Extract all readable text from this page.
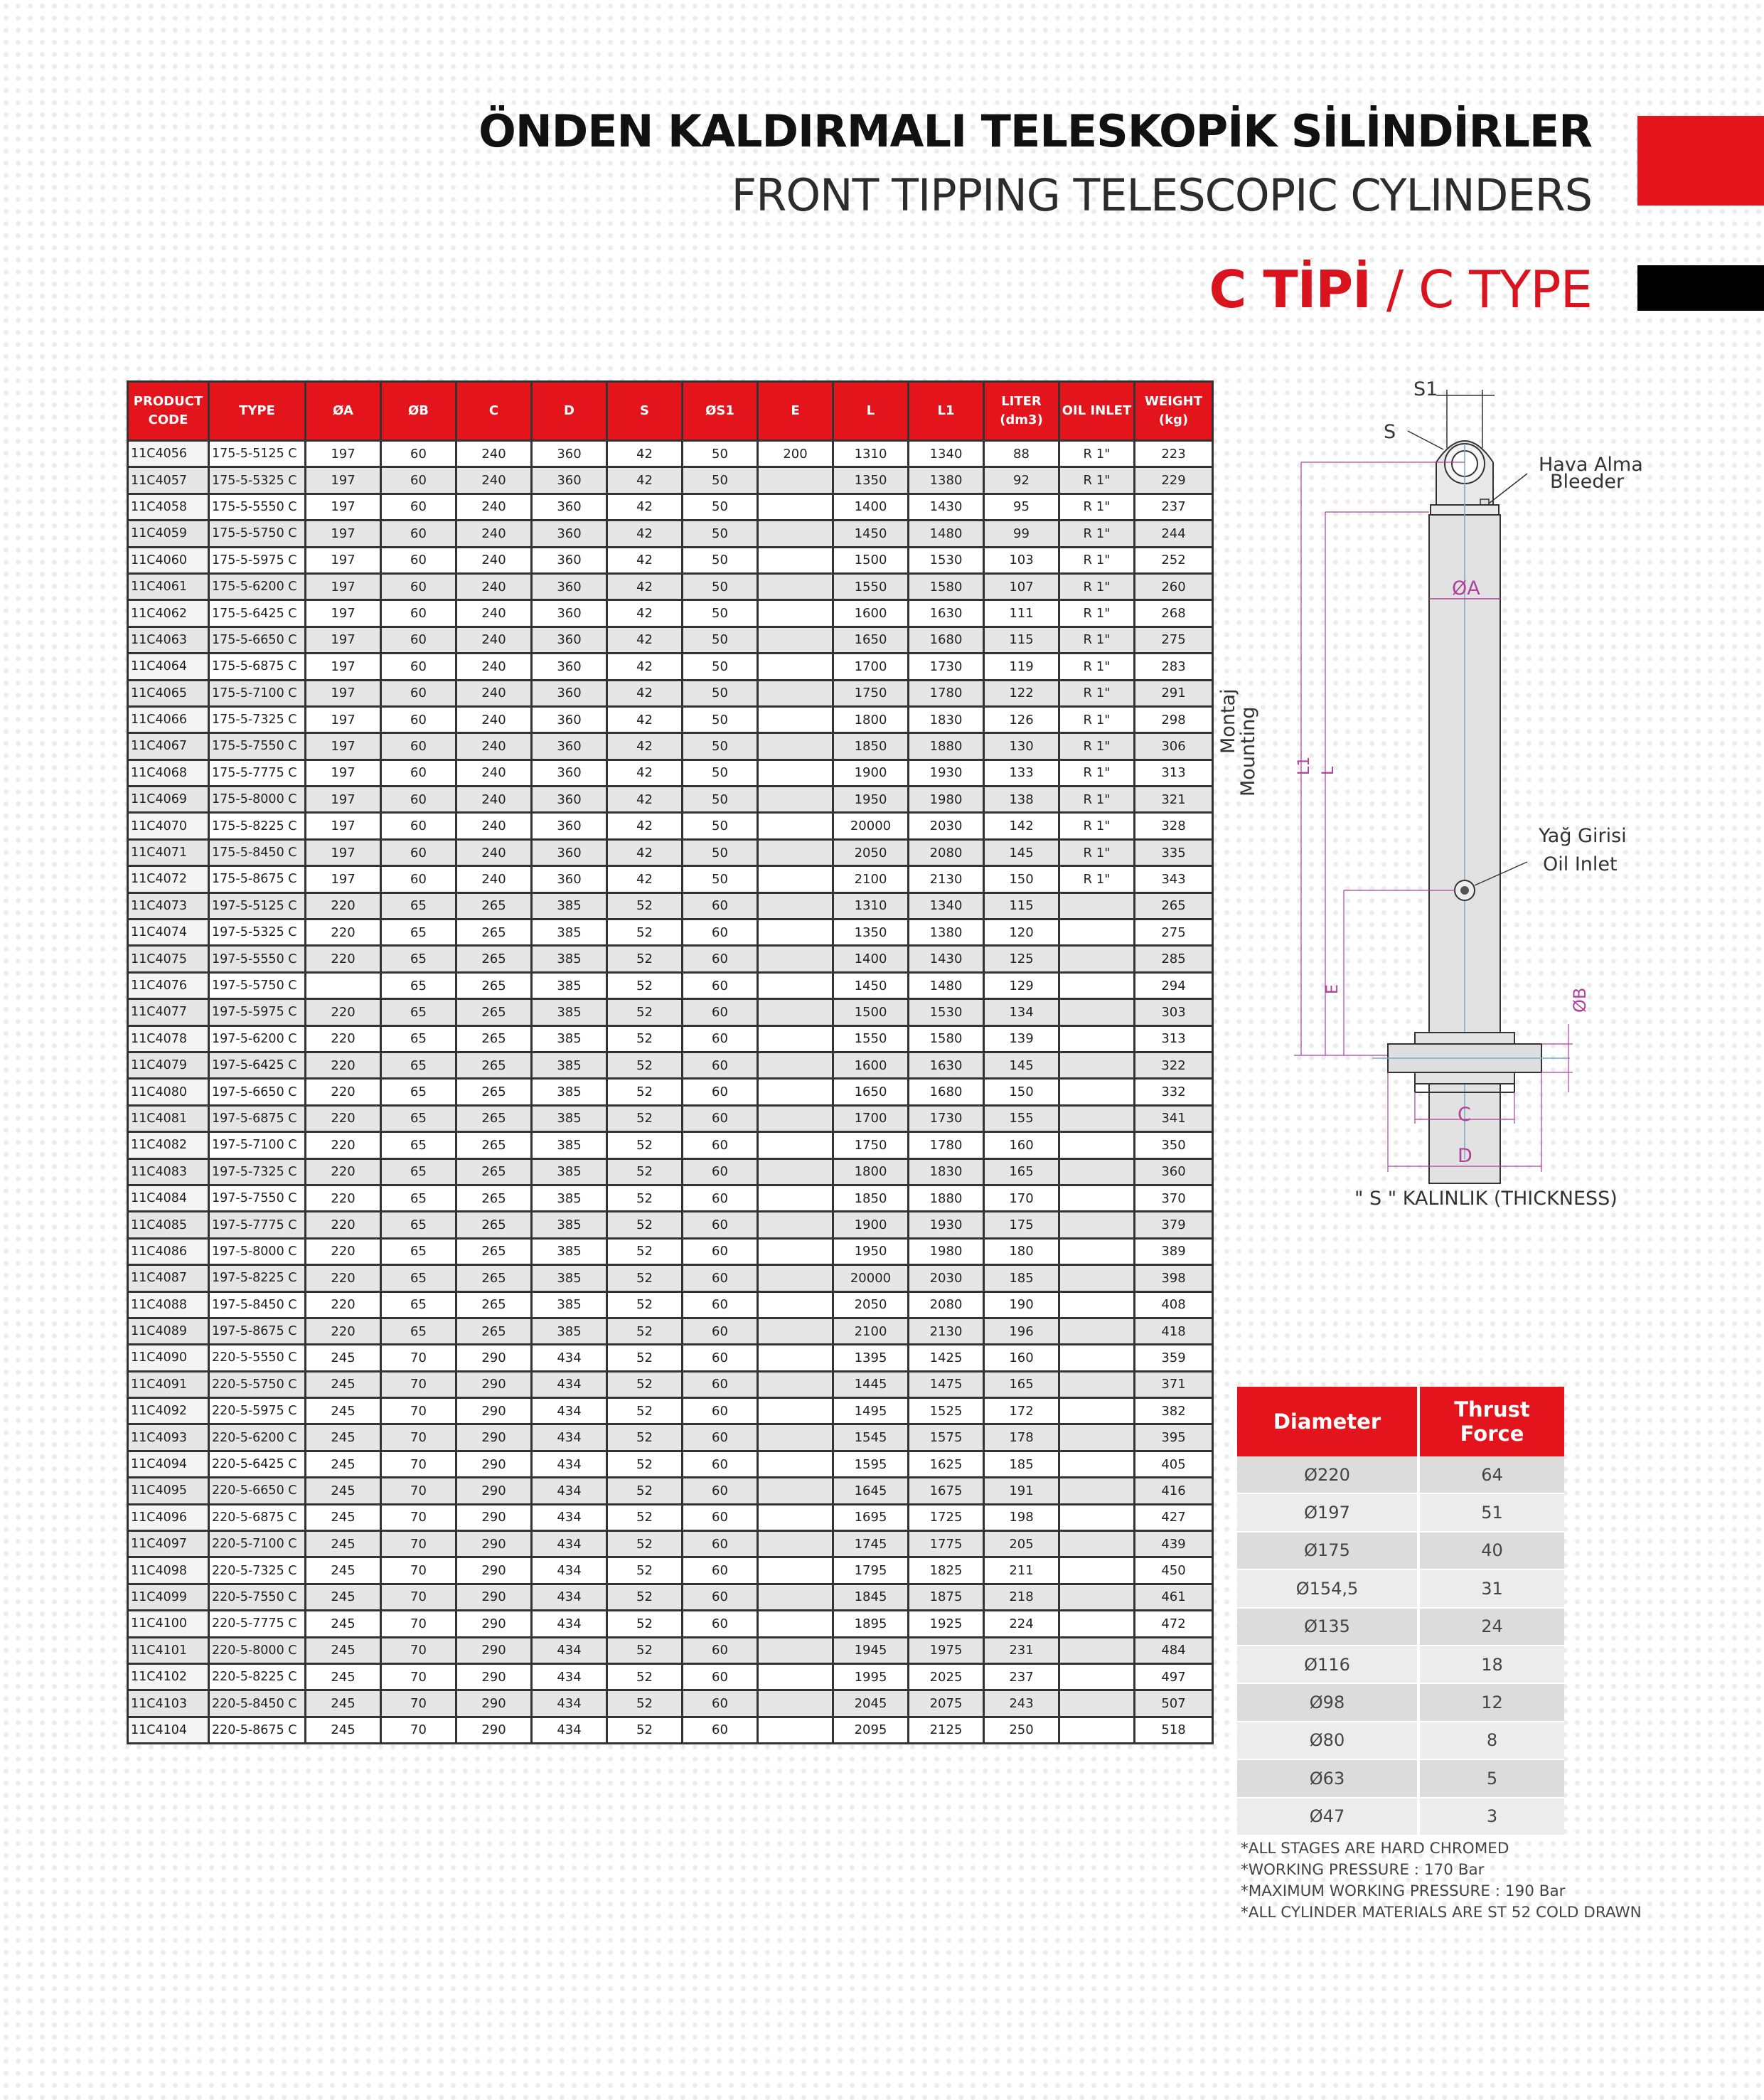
ÖNDEN KALDIRMALI TELESKOPİK SİLİNDİRLER
FRONT TIPPING TELESCOPIC CYLINDERS
C TİPİ / C TYPE
PRODUCT
CODE	TYPE	ØA	ØB	C	D	S	ØS1	E	L	L1	LITER
(dm3)	OIL INLET	WEIGHT
(kg)
11C4056	175-5-5125 C	197	60	240	360	42	50	200	1310	1340	88	R 1"	223
11C4057	175-5-5325 C	197	60	240	360	42	50		1350	1380	92	R 1"	229
11C4058	175-5-5550 C	197	60	240	360	42	50		1400	1430	95	R 1"	237
11C4059	175-5-5750 C	197	60	240	360	42	50		1450	1480	99	R 1"	244
11C4060	175-5-5975 C	197	60	240	360	42	50		1500	1530	103	R 1"	252
11C4061	175-5-6200 C	197	60	240	360	42	50		1550	1580	107	R 1"	260
11C4062	175-5-6425 C	197	60	240	360	42	50		1600	1630	111	R 1"	268
11C4063	175-5-6650 C	197	60	240	360	42	50		1650	1680	115	R 1"	275
11C4064	175-5-6875 C	197	60	240	360	42	50		1700	1730	119	R 1"	283
11C4065	175-5-7100 C	197	60	240	360	42	50		1750	1780	122	R 1"	291
11C4066	175-5-7325 C	197	60	240	360	42	50		1800	1830	126	R 1"	298
11C4067	175-5-7550 C	197	60	240	360	42	50		1850	1880	130	R 1"	306
11C4068	175-5-7775 C	197	60	240	360	42	50		1900	1930	133	R 1"	313
11C4069	175-5-8000 C	197	60	240	360	42	50		1950	1980	138	R 1"	321
11C4070	175-5-8225 C	197	60	240	360	42	50		20000	2030	142	R 1"	328
11C4071	175-5-8450 C	197	60	240	360	42	50		2050	2080	145	R 1"	335
11C4072	175-5-8675 C	197	60	240	360	42	50		2100	2130	150	R 1"	343
11C4073	197-5-5125 C	220	65	265	385	52	60		1310	1340	115		265
11C4074	197-5-5325 C	220	65	265	385	52	60		1350	1380	120		275
11C4075	197-5-5550 C	220	65	265	385	52	60		1400	1430	125		285
11C4076	197-5-5750 C		65	265	385	52	60		1450	1480	129		294
11C4077	197-5-5975 C	220	65	265	385	52	60		1500	1530	134		303
11C4078	197-5-6200 C	220	65	265	385	52	60		1550	1580	139		313
11C4079	197-5-6425 C	220	65	265	385	52	60		1600	1630	145		322
11C4080	197-5-6650 C	220	65	265	385	52	60		1650	1680	150		332
11C4081	197-5-6875 C	220	65	265	385	52	60		1700	1730	155		341
11C4082	197-5-7100 C	220	65	265	385	52	60		1750	1780	160		350
11C4083	197-5-7325 C	220	65	265	385	52	60		1800	1830	165		360
11C4084	197-5-7550 C	220	65	265	385	52	60		1850	1880	170		370
11C4085	197-5-7775 C	220	65	265	385	52	60		1900	1930	175		379
11C4086	197-5-8000 C	220	65	265	385	52	60		1950	1980	180		389
11C4087	197-5-8225 C	220	65	265	385	52	60		20000	2030	185		398
11C4088	197-5-8450 C	220	65	265	385	52	60		2050	2080	190		408
11C4089	197-5-8675 C	220	65	265	385	52	60		2100	2130	196		418
11C4090	220-5-5550 C	245	70	290	434	52	60		1395	1425	160		359
11C4091	220-5-5750 C	245	70	290	434	52	60		1445	1475	165		371
11C4092	220-5-5975 C	245	70	290	434	52	60		1495	1525	172		382
11C4093	220-5-6200 C	245	70	290	434	52	60		1545	1575	178		395
11C4094	220-5-6425 C	245	70	290	434	52	60		1595	1625	185		405
11C4095	220-5-6650 C	245	70	290	434	52	60		1645	1675	191		416
11C4096	220-5-6875 C	245	70	290	434	52	60		1695	1725	198		427
11C4097	220-5-7100 C	245	70	290	434	52	60		1745	1775	205		439
11C4098	220-5-7325 C	245	70	290	434	52	60		1795	1825	211		450
11C4099	220-5-7550 C	245	70	290	434	52	60		1845	1875	218		461
11C4100	220-5-7775 C	245	70	290	434	52	60		1895	1925	224		472
11C4101	220-5-8000 C	245	70	290	434	52	60		1945	1975	231		484
11C4102	220-5-8225 C	245	70	290	434	52	60		1995	2025	237		497
11C4103	220-5-8450 C	245	70	290	434	52	60		2045	2075	243		507
11C4104	220-5-8675 C	245	70	290	434	52	60		2095	2125	250		518
S1
S
Hava Alma
Bleeder
ØA
Montaj
Mounting L1 L
Yağ Girisi
Oil Inlet
E	ØB
C
D
" S " KALINLIK (THICKNESS)
Diameter	Thrust
Force
Ø220	64
Ø197	51
Ø175	40
Ø154,5	31
Ø135	24
Ø116	18
Ø98	12
Ø80	8
Ø63	5
Ø47	3
*ALL STAGES ARE HARD CHROMED
*WORKING PRESSURE : 170 Bar
*MAXIMUM WORKING PRESSURE : 190 Bar
*ALL CYLINDER MATERIALS ARE ST 52 COLD DRAWN
